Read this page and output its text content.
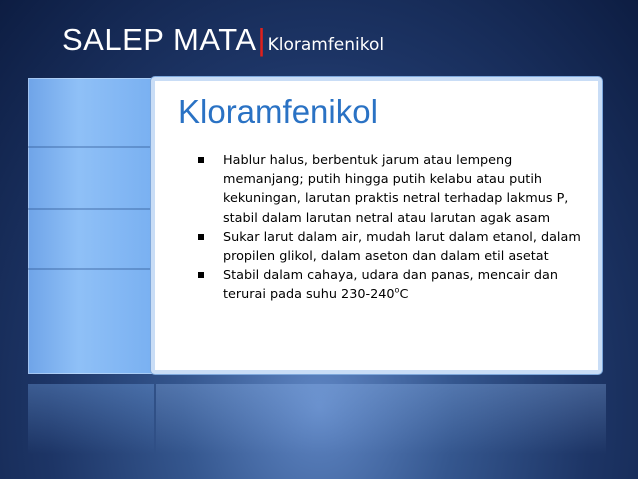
SALEP MATA | Kloramfenikol
Kloramfenikol
Hablur halus, berbentuk jarum atau lempeng memanjang; putih hingga putih kelabu atau putih kekuningan, larutan praktis netral terhadap lakmus P, stabil dalam larutan netral atau larutan agak asam
Sukar larut dalam air, mudah larut dalam etanol, dalam propilen glikol, dalam aseton dan dalam etil asetat
Stabil dalam cahaya, udara dan panas, mencair dan terurai pada suhu 230-240$^o$C
